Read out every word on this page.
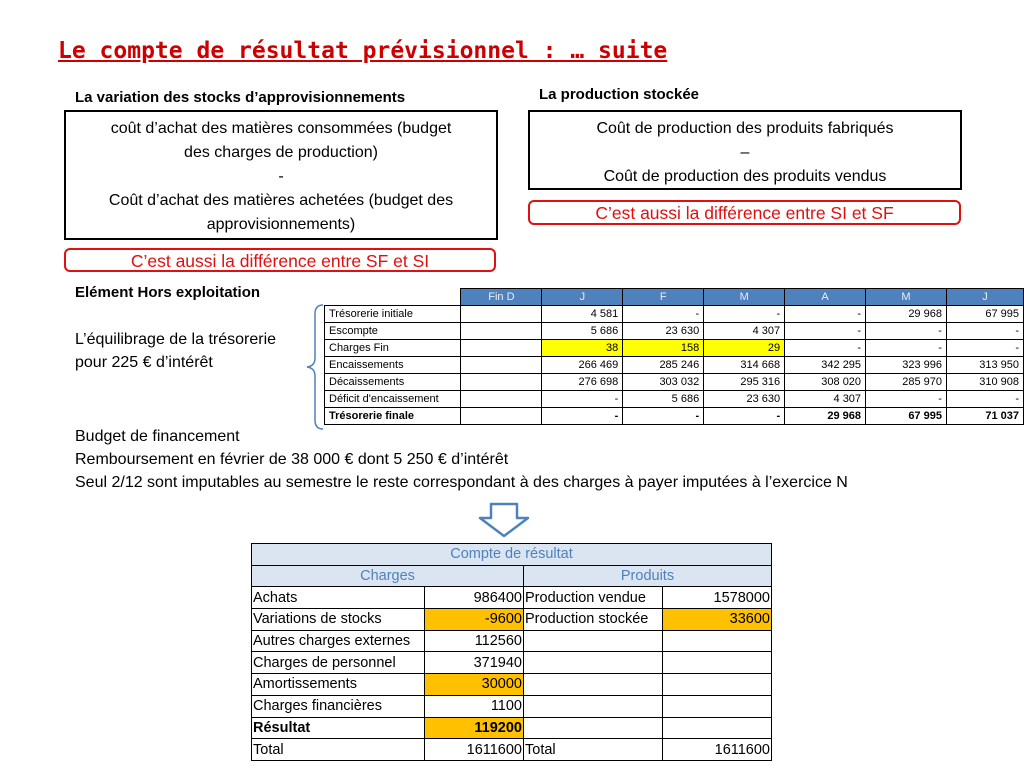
Le compte de résultat prévisionnel : … suite
La variation des stocks d’approvisionnements
coût d’achat des matières consommées (budget
des charges de production)
-
Coût d’achat des matières achetées (budget des
approvisionnements)
C’est aussi la différence entre SF et SI
La production stockée
Coût de production des produits fabriqués
–
Coût de production des produits vendus
C’est aussi la différence entre SI et SF
Elément Hors exploitation
L’équilibrage de la trésorerie
pour 225 € d’intérêt
	Fin D	J	F	M	A	M	J
Trésorerie initiale		4 581	-	-	-	29 968	67 995
Escompte		5 686	23 630	4 307	-	-	-
Charges Fin		38	158	29	-	-	-
Encaissements		266 469	285 246	314 668	342 295	323 996	313 950
Décaissements		276 698	303 032	295 316	308 020	285 970	310 908
Déficit d'encaissement		-	5 686	23 630	4 307	-	-
Trésorerie finale		-	-	-	29 968	67 995	71 037
Budget de financement
Remboursement en février de 38 000 € dont 5 250 € d’intérêt
Seul 2/12 sont imputables au semestre le reste correspondant à des charges à payer imputées à l’exercice N
Compte de résultat			
Charges		Produits	
Achats	986400	Production vendue	1578000
Variations de stocks	-9600	Production stockée	33600
Autres charges externes	112560		
Charges de personnel	371940		
Amortissements	30000		
Charges financières	1100		
Résultat	119200		
Total	1611600	Total	1611600
